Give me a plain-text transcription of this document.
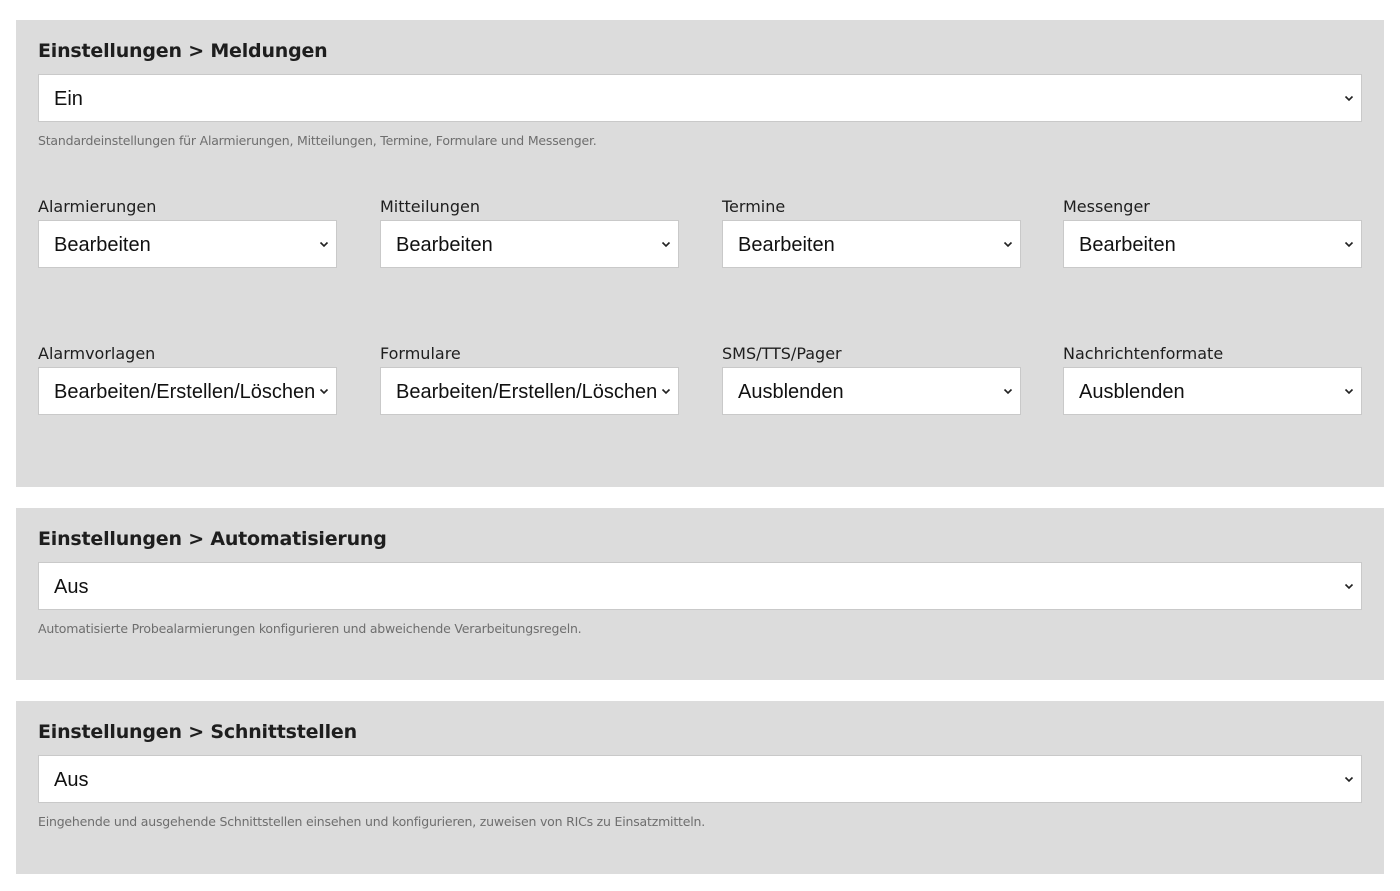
Einstellungen > Meldungen
Ein

Standardeinstellungen für Alarmierungen, Mitteilungen, Termine, Formulare und Messenger.

Alarmierungen
Bearbeiten
Mitteilungen
Bearbeiten
Termine
Bearbeiten
Messenger
Bearbeiten
Alarmvorlagen
Bearbeiten/Erstellen/Löschen
Formulare
Bearbeiten/Erstellen/Löschen
SMS/TTS/Pager
Ausblenden
Nachrichtenformate
Ausblenden
Einstellungen > Automatisierung
Aus

Automatisierte Probealarmierungen konfigurieren und abweichende Verarbeitungsregeln.

Einstellungen > Schnittstellen
Aus

Eingehende und ausgehende Schnittstellen einsehen und konfigurieren, zuweisen von RICs zu Einsatzmitteln.
